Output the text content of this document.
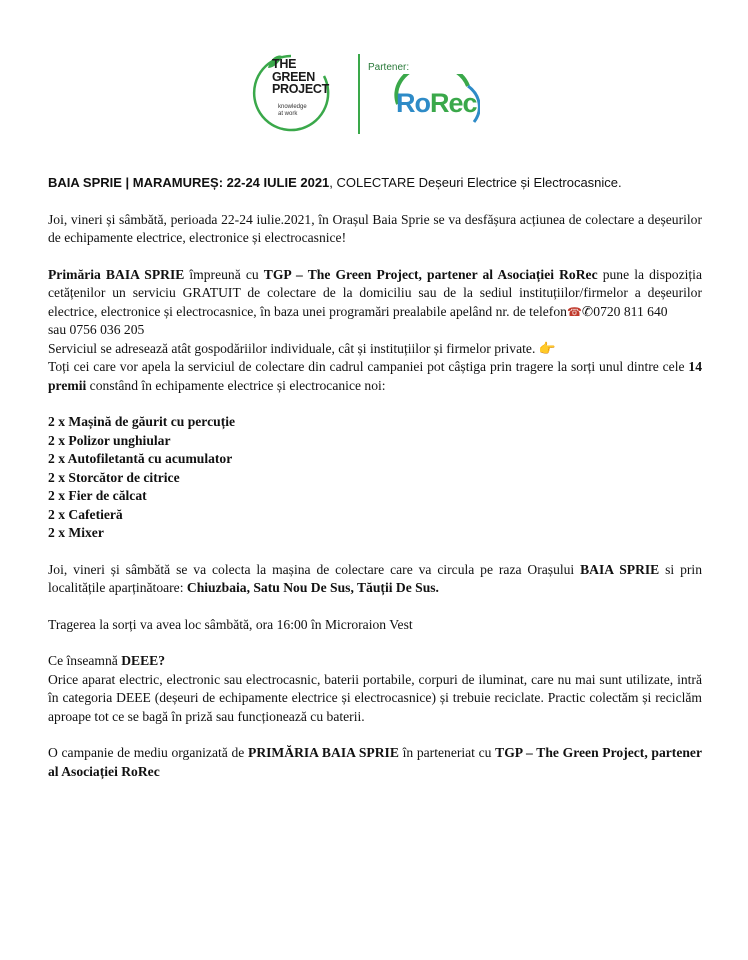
THE
GREEN
PROJECT
knowledge
at work
Partener:
RoRec

BAIA SPRIE | MARAMUREȘ: 22-24 IULIE 2021, COLECTARE Deșeuri Electrice și Electrocasnice.

Joi, vineri și sâmbătă, perioada 22-24 iulie.2021, în Orașul Baia Sprie se va desfășura acțiunea de colectare a deșeurilor de echipamente electrice, electronice și electrocasnice!

Primăria BAIA SPRIE împreună cu TGP – The Green Project, partener al Asociației RoRec pune la dispoziția cetățenilor un serviciu GRATUIT de colectare de la domiciliu sau de la sediul instituțiilor/firmelor a deșeurilor electrice, electronice și electrocasnice, în baza unei programări prealabile apelând nr. de telefon☎✆0720 811 640
sau 0756 036 205

Serviciul se adresează atât gospodăriilor individuale, cât și instituțiilor și firmelor private. 👉

Toți cei care vor apela la serviciul de colectare din cadrul campaniei pot câștiga prin tragere la sorți unul dintre cele 14 premii constând în echipamente electrice și electrocanice noi:

2 x Mașină de găurit cu percuție

2 x Polizor unghiular

2 x Autofiletantă cu acumulator

2 x Storcător de citrice

2 x Fier de călcat

2 x Cafetieră

2 x Mixer

Joi, vineri și sâmbătă se va colecta la mașina de colectare care va circula pe raza Orașului BAIA SPRIE si prin localitățile aparținătoare: Chiuzbaia, Satu Nou De Sus, Tăuții De Sus.

Tragerea la sorți va avea loc sâmbătă, ora 16:00 în Microraion Vest

Ce înseamnă DEEE?

Orice aparat electric, electronic sau electrocasnic, baterii portabile, corpuri de iluminat, care nu mai sunt utilizate, intră în categoria DEEE (deșeuri de echipamente electrice și electrocasnice) și trebuie reciclate. Practic colectăm și reciclăm aproape tot ce se bagă în priză sau funcționează cu baterii.

O campanie de mediu organizată de PRIMĂRIA BAIA SPRIE în parteneriat cu TGP – The Green Project, partener al Asociației RoRec
